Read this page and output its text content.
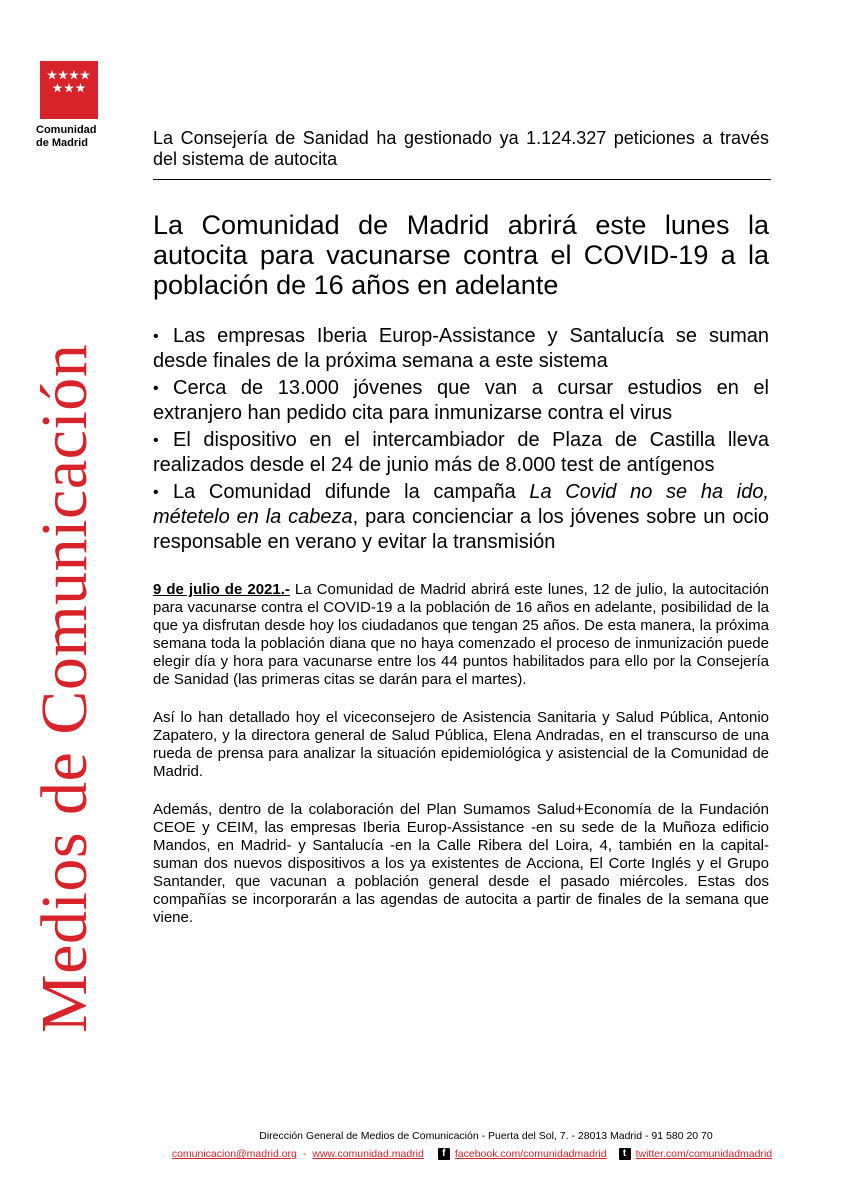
Comunidad
de Madrid
Medios de Comunicación

La Consejería de Sanidad ha gestionado ya 1.124.327 peticiones a través del sistema de autocita

La Comunidad de Madrid abrirá este lunes la autocita para vacunarse contra el COVID-19 a la población de 16 años en adelante
• Las empresas Iberia Europ-Assistance y Santalucía se suman desde finales de la próxima semana a este sistema
• Cerca de 13.000 jóvenes que van a cursar estudios en el extranjero han pedido cita para inmunizarse contra el virus
• El dispositivo en el intercambiador de Plaza de Castilla lleva realizados desde el 24 de junio más de 8.000 test de antígenos
• La Comunidad difunde la campaña La Covid no se ha ido, métetelo en la cabeza, para concienciar a los jóvenes sobre un ocio responsable en verano y evitar la transmisión

9 de julio de 2021.- La Comunidad de Madrid abrirá este lunes, 12 de julio, la autocitación para vacunarse contra el COVID-19 a la población de 16 años en adelante, posibilidad de la que ya disfrutan desde hoy los ciudadanos que tengan 25 años. De esta manera, la próxima semana toda la población diana que no haya comenzado el proceso de inmunización puede elegir día y hora para vacunarse entre los 44 puntos habilitados para ello por la Consejería de Sanidad (las primeras citas se darán para el martes).

Así lo han detallado hoy el viceconsejero de Asistencia Sanitaria y Salud Pública, Antonio Zapatero, y la directora general de Salud Pública, Elena Andradas, en el transcurso de una rueda de prensa para analizar la situación epidemiológica y asistencial de la Comunidad de Madrid.

Además, dentro de la colaboración del Plan Sumamos Salud+Economía de la Fundación CEOE y CEIM, las empresas Iberia Europ-Assistance -en su sede de la Muñoza edificio Mandos, en Madrid- y Santalucía -en la Calle Ribera del Loira, 4, también en la capital- suman dos nuevos dispositivos a los ya existentes de Acciona, El Corte Inglés y el Grupo Santander, que vacunan a población general desde el pasado miércoles. Estas dos compañías se incorporarán a las agendas de autocita a partir de finales de la semana que viene.

Dirección General de Medios de Comunicación - Puerta del Sol, 7. - 28013 Madrid - 91 580 20 70
comunicacion@madrid.org - www.comunidad.madrid	f facebook.com/comunidadmadrid	t twitter.com/comunidadmadrid
